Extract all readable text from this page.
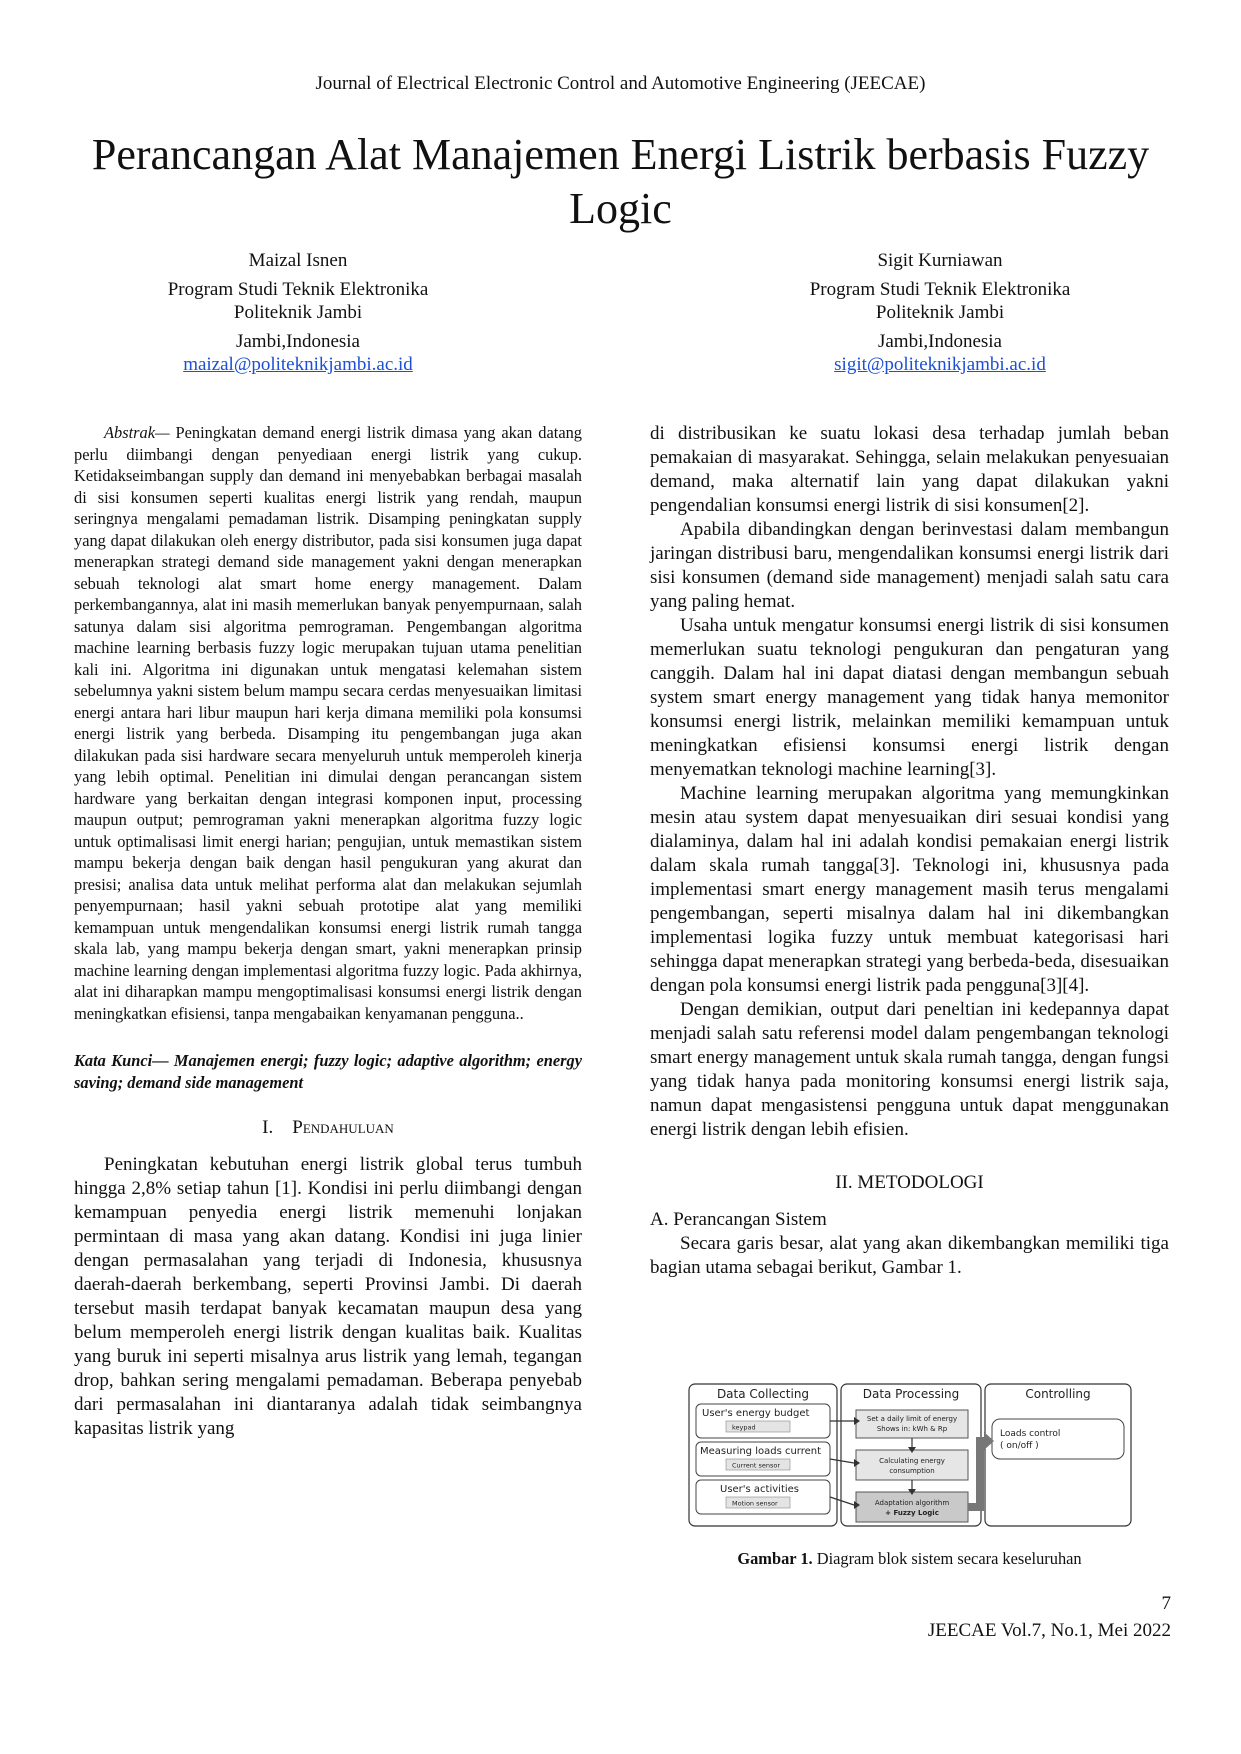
Journal of Electrical Electronic Control and Automotive Engineering (JEECAE)
Perancangan Alat Manajemen Energi Listrik berbasis Fuzzy Logic
Maizal Isnen
Program Studi Teknik Elektronika
Politeknik Jambi
Jambi,Indonesia
maizal@politeknikjambi.ac.id
Sigit Kurniawan
Program Studi Teknik Elektronika
Politeknik Jambi
Jambi,Indonesia
sigit@politeknikjambi.ac.id

Abstrak— Peningkatan demand energi listrik dimasa yang akan datang perlu diimbangi dengan penyediaan energi listrik yang cukup. Ketidakseimbangan supply dan demand ini menyebabkan berbagai masalah di sisi konsumen seperti kualitas energi listrik yang rendah, maupun seringnya mengalami pemadaman listrik. Disamping peningkatan supply yang dapat dilakukan oleh energy distributor, pada sisi konsumen juga dapat menerapkan strategi demand side management yakni dengan menerapkan sebuah teknologi alat smart home energy management. Dalam perkembangannya, alat ini masih memerlukan banyak penyempurnaan, salah satunya dalam sisi algoritma pemrograman. Pengembangan algoritma machine learning berbasis fuzzy logic merupakan tujuan utama penelitian kali ini. Algoritma ini digunakan untuk mengatasi kelemahan sistem sebelumnya yakni sistem belum mampu secara cerdas menyesuaikan limitasi energi antara hari libur maupun hari kerja dimana memiliki pola konsumsi energi listrik yang berbeda. Disamping itu pengembangan juga akan dilakukan pada sisi hardware secara menyeluruh untuk memperoleh kinerja yang lebih optimal. Penelitian ini dimulai dengan perancangan sistem hardware yang berkaitan dengan integrasi komponen input, processing maupun output; pemrograman yakni menerapkan algoritma fuzzy logic untuk optimalisasi limit energi harian; pengujian, untuk memastikan sistem mampu bekerja dengan baik dengan hasil pengukuran yang akurat dan presisi; analisa data untuk melihat performa alat dan melakukan sejumlah penyempurnaan; hasil yakni sebuah prototipe alat yang memiliki kemampuan untuk mengendalikan konsumsi energi listrik rumah tangga skala lab, yang mampu bekerja dengan smart, yakni menerapkan prinsip machine learning dengan implementasi algoritma fuzzy logic. Pada akhirnya, alat ini diharapkan mampu mengoptimalisasi konsumsi energi listrik dengan meningkatkan efisiensi, tanpa mengabaikan kenyamanan pengguna..

Kata Kunci— Manajemen energi; fuzzy logic; adaptive algorithm; energy saving; demand side management

I. Pendahuluan

Peningkatan kebutuhan energi listrik global terus tumbuh hingga 2,8% setiap tahun [1]. Kondisi ini perlu diimbangi dengan kemampuan penyedia energi listrik memenuhi lonjakan permintaan di masa yang akan datang. Kondisi ini juga linier dengan permasalahan yang terjadi di Indonesia, khususnya daerah-daerah berkembang, seperti Provinsi Jambi. Di daerah tersebut masih terdapat banyak kecamatan maupun desa yang belum memperoleh energi listrik dengan kualitas baik. Kualitas yang buruk ini seperti misalnya arus listrik yang lemah, tegangan drop, bahkan sering mengalami pemadaman. Beberapa penyebab dari permasalahan ini diantaranya adalah tidak seimbangnya kapasitas listrik yang

di distribusikan ke suatu lokasi desa terhadap jumlah beban pemakaian di masyarakat. Sehingga, selain melakukan penyesuaian demand, maka alternatif lain yang dapat dilakukan yakni pengendalian konsumsi energi listrik di sisi konsumen[2].

Apabila dibandingkan dengan berinvestasi dalam membangun jaringan distribusi baru, mengendalikan konsumsi energi listrik dari sisi konsumen (demand side management) menjadi salah satu cara yang paling hemat.

Usaha untuk mengatur konsumsi energi listrik di sisi konsumen memerlukan suatu teknologi pengukuran dan pengaturan yang canggih. Dalam hal ini dapat diatasi dengan membangun sebuah system smart energy management yang tidak hanya memonitor konsumsi energi listrik, melainkan memiliki kemampuan untuk meningkatkan efisiensi konsumsi energi listrik dengan menyematkan teknologi machine learning[3].

Machine learning merupakan algoritma yang memungkinkan mesin atau system dapat menyesuaikan diri sesuai kondisi yang dialaminya, dalam hal ini adalah kondisi pemakaian energi listrik dalam skala rumah tangga[3]. Teknologi ini, khususnya pada implementasi smart energy management masih terus mengalami pengembangan, seperti misalnya dalam hal ini dikembangkan implementasi logika fuzzy untuk membuat kategorisasi hari sehingga dapat menerapkan strategi yang berbeda-beda, disesuaikan dengan pola konsumsi energi listrik pada pengguna[3][4].

Dengan demikian, output dari peneltian ini kedepannya dapat menjadi salah satu referensi model dalam pengembangan teknologi smart energy management untuk skala rumah tangga, dengan fungsi yang tidak hanya pada monitoring konsumsi energi listrik saja, namun dapat mengasistensi pengguna untuk dapat menggunakan energi listrik dengan lebih efisien.

II. METODOLOGI

A. Perancangan Sistem

Secara garis besar, alat yang akan dikembangkan memiliki tiga bagian utama sebagai berikut, Gambar 1.

Data Collecting	Data Processing	Controlling
User's energy budget
keypad
Measuring loads current
Current sensor
User's activities
Motion sensor
Set a daily limit of energy
Shows in: kWh & Rp
Calculating energy
consumption
Adaptation algorithm
+ Fuzzy Logic
Loads control
( on/off )
Gambar 1. Diagram blok sistem secara keseluruhan
7
JEECAE Vol.7, No.1, Mei 2022
